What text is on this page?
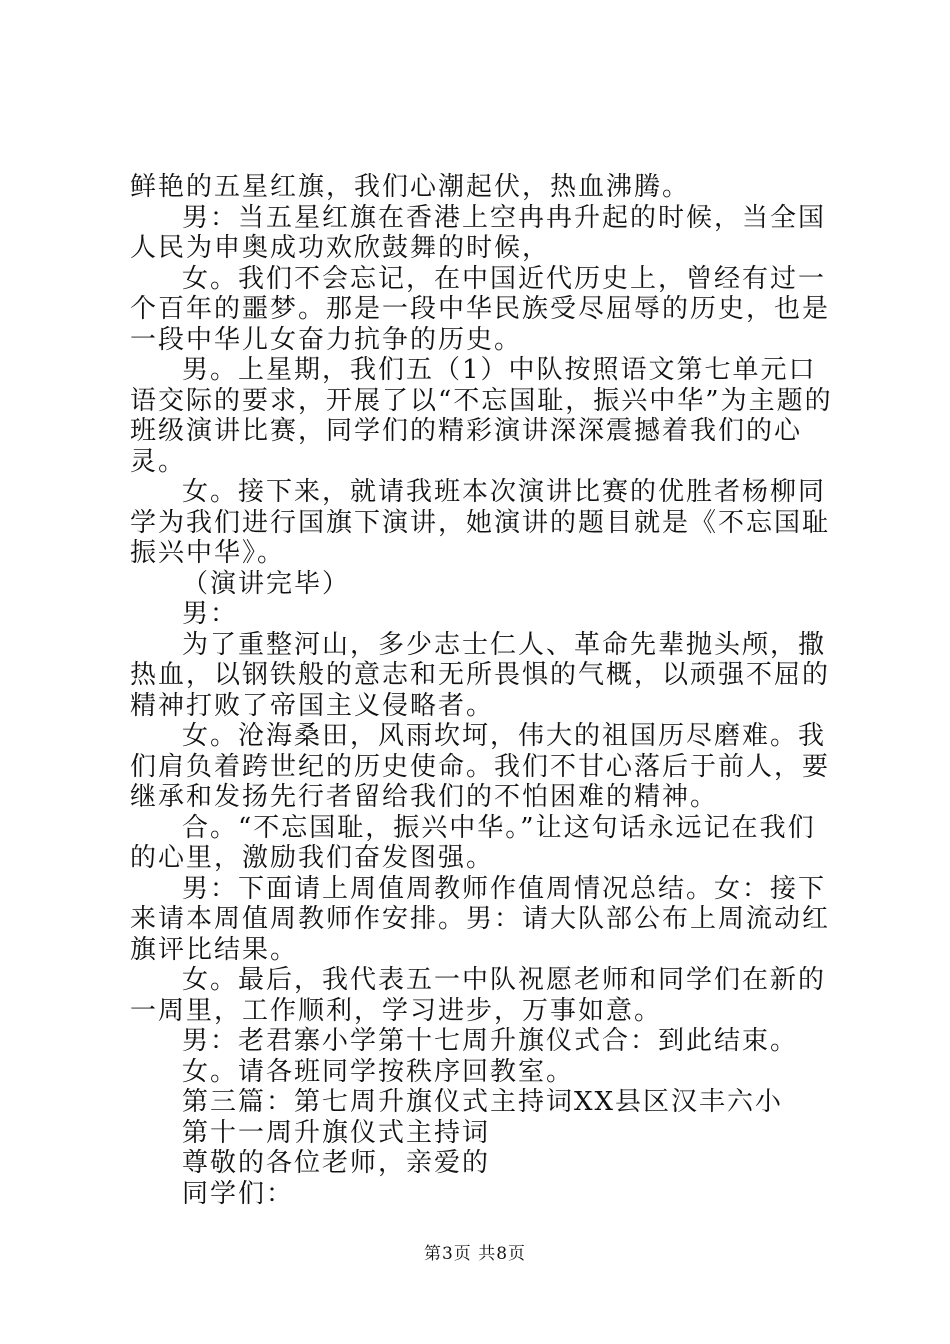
鲜艳的五星红旗，我们心潮起伏，热血沸腾。

男：当五星红旗在香港上空冉冉升起的时候，当全国人民为申奥成功欢欣鼓舞的时候，

女。我们不会忘记，在中国近代历史上，曾经有过一个百年的噩梦。那是一段中华民族受尽屈辱的历史，也是一段中华儿女奋力抗争的历史。

男。上星期，我们五（1）中队按照语文第七单元口语交际的要求，开展了以“不忘国耻，振兴中华”为主题的班级演讲比赛，同学们的精彩演讲深深震撼着我们的心灵。

女。接下来，就请我班本次演讲比赛的优胜者杨柳同学为我们进行国旗下演讲，她演讲的题目就是《不忘国耻振兴中华》。

（演讲完毕）

男：

为了重整河山，多少志士仁人、革命先辈抛头颅，撒热血，以钢铁般的意志和无所畏惧的气概，以顽强不屈的精神打败了帝国主义侵略者。

女。沧海桑田，风雨坎坷，伟大的祖国历尽磨难。我们肩负着跨世纪的历史使命。我们不甘心落后于前人，要继承和发扬先行者留给我们的不怕困难的精神。

合。“不忘国耻，振兴中华。”让这句话永远记在我们的心里，激励我们奋发图强。

男：下面请上周值周教师作值周情况总结。女：接下来请本周值周教师作安排。男：请大队部公布上周流动红旗评比结果。

女。最后，我代表五一中队祝愿老师和同学们在新的一周里，工作顺利，学习进步，万事如意。

男：老君寨小学第十七周升旗仪式合：到此结束。

女。请各班同学按秩序回教室。

第三篇：第七周升旗仪式主持词XX县区汉丰六小

第十一周升旗仪式主持词

尊敬的各位老师，亲爱的

同学们：

第3页 共8页
